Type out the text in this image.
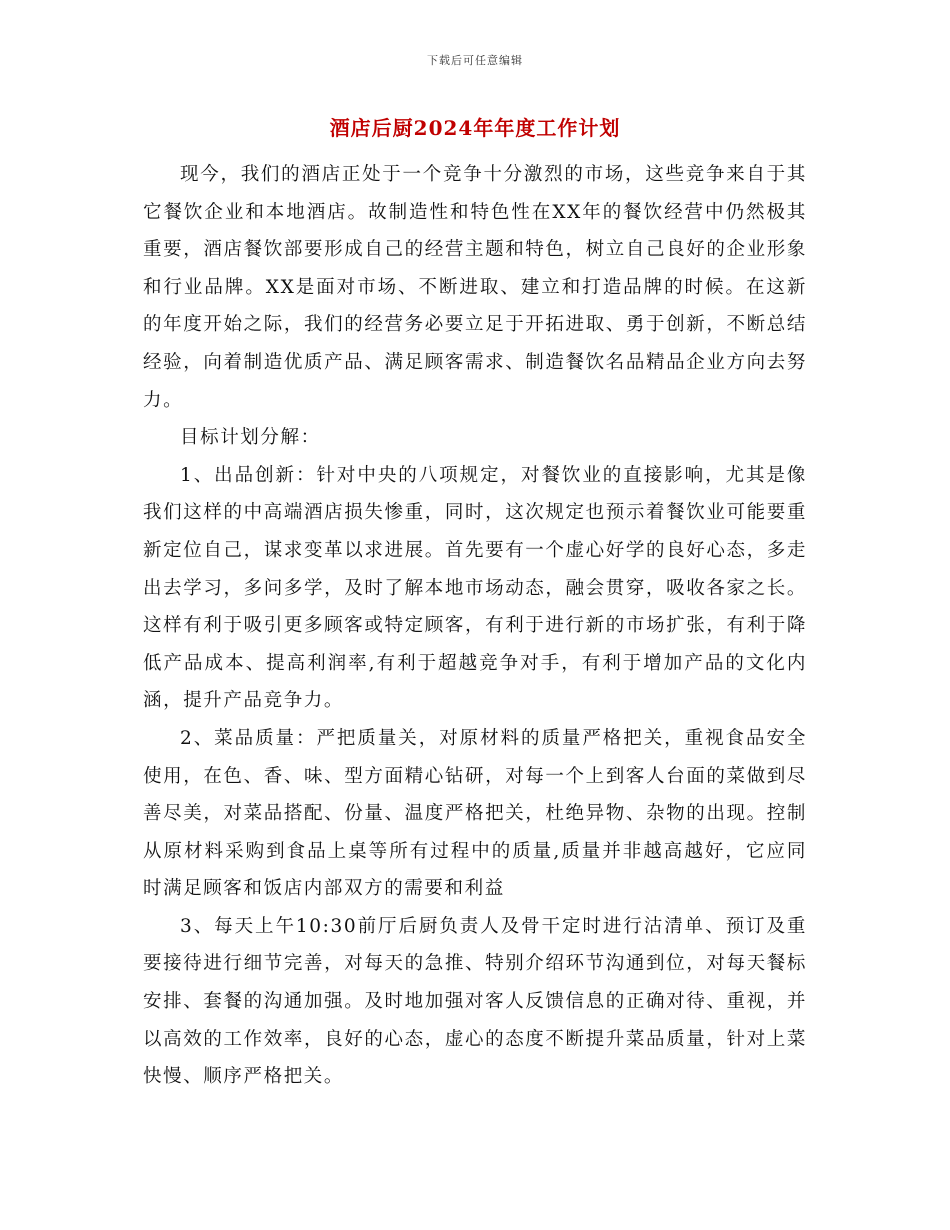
下载后可任意编辑
酒店后厨2024年年度工作计划

现今，我们的酒店正处于一个竞争十分激烈的市场，这些竞争来自于其它餐饮企业和本地酒店。故制造性和特色性在XX年的餐饮经营中仍然极其重要，酒店餐饮部要形成自己的经营主题和特色，树立自己良好的企业形象和行业品牌。XX是面对市场、不断进取、建立和打造品牌的时候。在这新的年度开始之际，我们的经营务必要立足于开拓进取、勇于创新，不断总结经验，向着制造优质产品、满足顾客需求、制造餐饮名品精品企业方向去努力。

目标计划分解：

1、出品创新：针对中央的八项规定，对餐饮业的直接影响，尤其是像我们这样的中高端酒店损失惨重，同时，这次规定也预示着餐饮业可能要重新定位自己，谋求变革以求进展。首先要有一个虚心好学的良好心态，多走出去学习，多问多学，及时了解本地市场动态，融会贯穿，吸收各家之长。这样有利于吸引更多顾客或特定顾客，有利于进行新的市场扩张，有利于降低产品成本、提高利润率,有利于超越竞争对手，有利于增加产品的文化内涵，提升产品竞争力。

2、菜品质量：严把质量关，对原材料的质量严格把关，重视食品安全使用，在色、香、味、型方面精心钻研，对每一个上到客人台面的菜做到尽善尽美，对菜品搭配、份量、温度严格把关，杜绝异物、杂物的出现。控制从原材料采购到食品上桌等所有过程中的质量,质量并非越高越好，它应同时满足顾客和饭店内部双方的需要和利益

3、每天上午10:30前厅后厨负责人及骨干定时进行沽清单、预订及重要接待进行细节完善，对每天的急推、特别介绍环节沟通到位，对每天餐标安排、套餐的沟通加强。及时地加强对客人反馈信息的正确对待、重视，并以高效的工作效率，良好的心态，虚心的态度不断提升菜品质量，针对上菜快慢、顺序严格把关。
